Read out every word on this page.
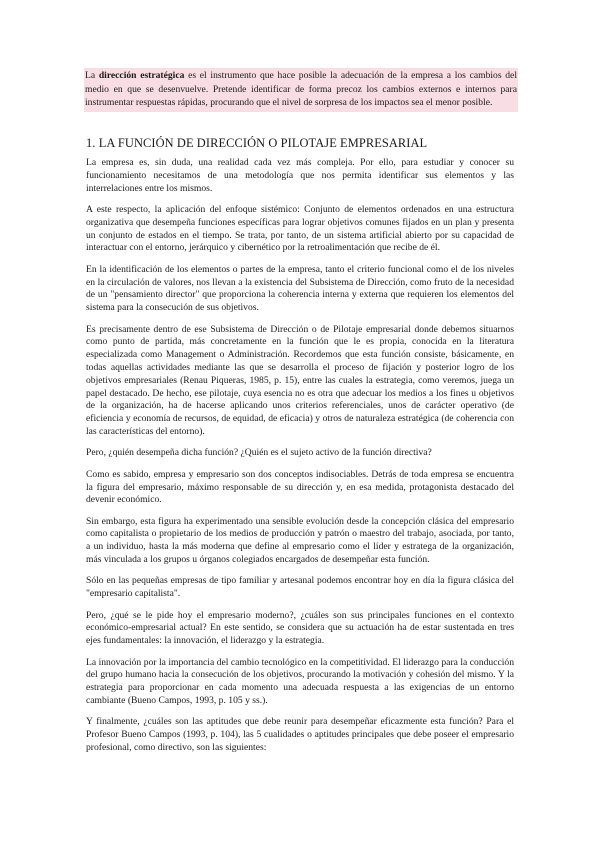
La dirección estratégica es el instrumento que hace posible la adecuación de la empresa a los cambios del medio en que se desenvuelve. Pretende identificar de forma precoz los cambios externos e internos para instrumentar respuestas rápidas, procurando que el nivel de sorpresa de los impactos sea el menor posible.
1. LA FUNCIÓN DE DIRECCIÓN O PILOTAJE EMPRESARIAL

La empresa es, sin duda, una realidad cada vez más compleja. Por ello, para estudiar y conocer su funcionamiento necesitamos de una metodología que nos permita identificar sus elementos y las interrelaciones entre los mismos.

A este respecto, la aplicación del enfoque sistémico: Conjunto de elementos ordenados en una estructura organizativa que desempeña funciones específicas para lograr objetivos comunes fijados en un plan y presenta un conjunto de estados en el tiempo. Se trata, por tanto, de un sistema artificial abierto por su capacidad de interactuar con el entorno, jerárquico y cibernético por la retroalimentación que recibe de él.

En la identificación de los elementos o partes de la empresa, tanto el criterio funcional como el de los niveles en la circulación de valores, nos llevan a la existencia del Subsistema de Dirección, como fruto de la necesidad de un "pensamiento director" que proporciona la coherencia interna y externa que requieren los elementos del sistema para la consecución de sus objetivos.

Es precisamente dentro de ese Subsistema de Dirección o de Pilotaje empresarial donde debemos situarnos como punto de partida, más concretamente en la función que le es propia, conocida en la literatura especializada como Management o Administración. Recordemos que esta función consiste, básicamente, en todas aquellas actividades mediante las que se desarrolla el proceso de fijación y posterior logro de los objetivos empresariales (Renau Piqueras, 1985, p. 15), entre las cuales la estrategia, como veremos, juega un papel destacado. De hecho, ese pilotaje, cuya esencia no es otra que adecuar los medios a los fines u objetivos de la organización, ha de hacerse aplicando unos criterios referenciales, unos de carácter operativo (de eficiencia y economía de recursos, de equidad, de eficacia) y otros de naturaleza estratégica (de coherencia con las características del entorno).

Pero, ¿quién desempeña dicha función? ¿Quién es el sujeto activo de la función directiva?

Como es sabido, empresa y empresario son dos conceptos indisociables. Detrás de toda empresa se encuentra la figura del empresario, máximo responsable de su dirección y, en esa medida, protagonista destacado del devenir económico.

Sin embargo, esta figura ha experimentado una sensible evolución desde la concepción clásica del empresario como capitalista o propietario de los medios de producción y patrón o maestro del trabajo, asociada, por tanto, a un individuo, hasta la más moderna que define al empresario como el líder y estratega de la organización, más vinculada a los grupos u órganos colegiados encargados de desempeñar esta función.

Sólo en las pequeñas empresas de tipo familiar y artesanal podemos encontrar hoy en día la figura clásica del "empresario capitalista".

Pero, ¿qué se le pide hoy el empresario moderno?, ¿cuáles son sus principales funciones en el contexto económico-empresarial actual? En este sentido, se considera que su actuación ha de estar sustentada en tres ejes fundamentales: la innovación, el liderazgo y la estrategia.

La innovación por la importancia del cambio tecnológico en la competitividad. El liderazgo para la conducción del grupo humano hacia la consecución de los objetivos, procurando la motivación y cohesión del mismo. Y la estrategia para proporcionar en cada momento una adecuada respuesta a las exigencias de un entorno cambiante (Bueno Campos, 1993, p. 105 y ss.).

Y finalmente, ¿cuáles son las aptitudes que debe reunir para desempeñar eficazmente esta función? Para el Profesor Bueno Campos (1993, p. 104), las 5 cualidades o aptitudes principales que debe poseer el empresario profesional, como directivo, son las siguientes:
